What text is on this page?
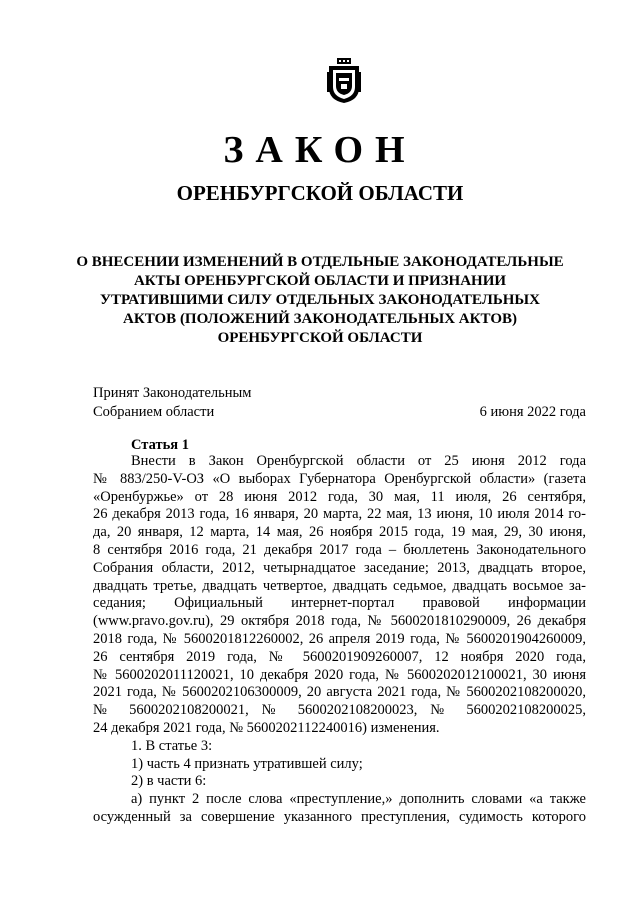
ЗАКОН
ОРЕНБУРГСКОЙ ОБЛАСТИ
О ВНЕСЕНИИ ИЗМЕНЕНИЙ В ОТДЕЛЬНЫЕ ЗАКОНОДАТЕЛЬНЫЕ
АКТЫ ОРЕНБУРГСКОЙ ОБЛАСТИ И ПРИЗНАНИИ
УТРАТИВШИМИ СИЛУ ОТДЕЛЬНЫХ ЗАКОНОДАТЕЛЬНЫХ
АКТОВ (ПОЛОЖЕНИЙ ЗАКОНОДАТЕЛЬНЫХ АКТОВ)
ОРЕНБУРГСКОЙ ОБЛАСТИ
Принят Законодательным
Собранием области	6 июня 2022 года
Статья 1
Внести в Закон Оренбургской области от 25 июня 2012 года
№ 883/250-V-ОЗ «О выборах Губернатора Оренбургской области» (газета
«Оренбуржье» от 28 июня 2012 года, 30 мая, 11 июля, 26 сентября,
26 декабря 2013 года, 16 января, 20 марта, 22 мая, 13 июня, 10 июля 2014 го-
да, 20 января, 12 марта, 14 мая, 26 ноября 2015 года, 19 мая, 29, 30 июня,
8 сентября 2016 года, 21 декабря 2017 года – бюллетень Законодательного
Собрания области, 2012, четырнадцатое заседание; 2013, двадцать второе,
двадцать третье, двадцать четвертое, двадцать седьмое, двадцать восьмое за-
седания; Официальный интернет-портал правовой информации
(www.pravo.gov.ru), 29 октября 2018 года, № 5600201810290009, 26 декабря
2018 года, № 5600201812260002, 26 апреля 2019 года, № 5600201904260009,
26 сентября 2019 года, № 5600201909260007, 12 ноября 2020 года,
№ 5600202011120021, 10 декабря 2020 года, № 5600202012100021, 30 июня
2021 года, № 5600202106300009, 20 августа 2021 года, № 5600202108200020,
№ 5600202108200021, № 5600202108200023, № 5600202108200025,
24 декабря 2021 года, № 5600202112240016) изменения.
1. В статье 3:
1) часть 4 признать утратившей силу;
2) в части 6:
а) пункт 2 после слова «преступление,» дополнить словами «а также
осужденный за совершение указанного преступления, судимость которого
